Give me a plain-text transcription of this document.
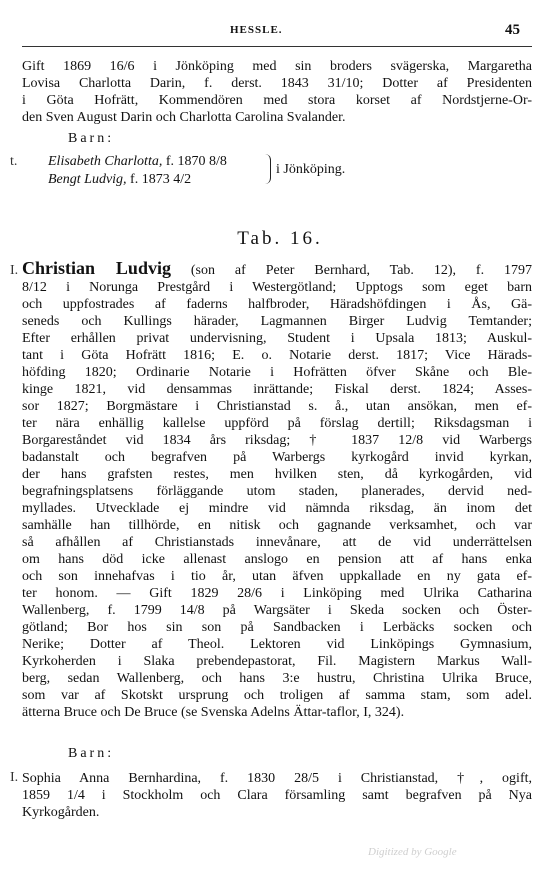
HESSLE.	45
Gift 1869 16/6 i Jönköping med sin broders svägerska, Margaretha
Lovisa Charlotta Darin, f. derst. 1843 31/10; Dotter af Presidenten
i Göta Hofrätt, Kommendören med stora korset af Nordstjerne-Or-
den Sven August Darin och Charlotta Carolina Svalander.
Barn:
t. Elisabeth Charlotta, f. 1870 8/8
Bengt Ludvig, f. 1873 4/2
i Jönköping.
Tab. 16.
I. Christian Ludvig (son af Peter Bernhard, Tab. 12), f. 1797
8/12 i Norunga Prestgård i Westergötland; Upptogs som eget barn
och uppfostrades af faderns halfbroder, Häradshöfdingen i Ås, Gä-
seneds och Kullings härader, Lagmannen Birger Ludvig Temtander;
Efter erhållen privat undervisning, Student i Upsala 1813; Auskul-
tant i Göta Hofrätt 1816; E. o. Notarie derst. 1817; Vice Härads-
höfding 1820; Ordinarie Notarie i Hofrätten öfver Skåne och Ble-
kinge 1821, vid densammas inrättande; Fiskal derst. 1824; Asses-
sor 1827; Borgmästare i Christianstad s. å., utan ansökan, men ef-
ter nära enhällig kallelse uppförd på förslag dertill; Riksdagsman i
Borgareståndet vid 1834 års riksdag; † 1837 12/8 vid Warbergs
badanstalt och begrafven på Warbergs kyrkogård invid kyrkan,
der hans grafsten restes, men hvilken sten, då kyrkogården, vid
begrafningsplatsens förläggande utom staden, planerades, dervid ned-
myllades. Utvecklade ej mindre vid nämnda riksdag, än inom det
samhälle han tillhörde, en nitisk och gagnande verksamhet, och var
så afhållen af Christianstads innevånare, att de vid underrättelsen
om hans död icke allenast anslogo en pension att af hans enka
och son innehafvas i tio år, utan äfven uppkallade en ny gata ef-
ter honom. — Gift 1829 28/6 i Linköping med Ulrika Catharina
Wallenberg, f. 1799 14/8 på Wargsäter i Skeda socken och Öster-
götland; Bor hos sin son på Sandbacken i Lerbäcks socken och
Nerike; Dotter af Theol. Lektoren vid Linköpings Gymnasium,
Kyrkoherden i Slaka prebendepastorat, Fil. Magistern Markus Wall-
berg, sedan Wallenberg, och hans 3:e hustru, Christina Ulrika Bruce,
som var af Skotskt ursprung och troligen af samma stam, som adel.
ätterna Bruce och De Bruce (se Svenska Adelns Ättar-taflor, I, 324).
Barn:
I. Sophia Anna Bernhardina, f. 1830 28/5 i Christianstad, †, ogift,
1859 1/4 i Stockholm och Clara församling samt begrafven på Nya
Kyrkogården.
Digitized by Google
